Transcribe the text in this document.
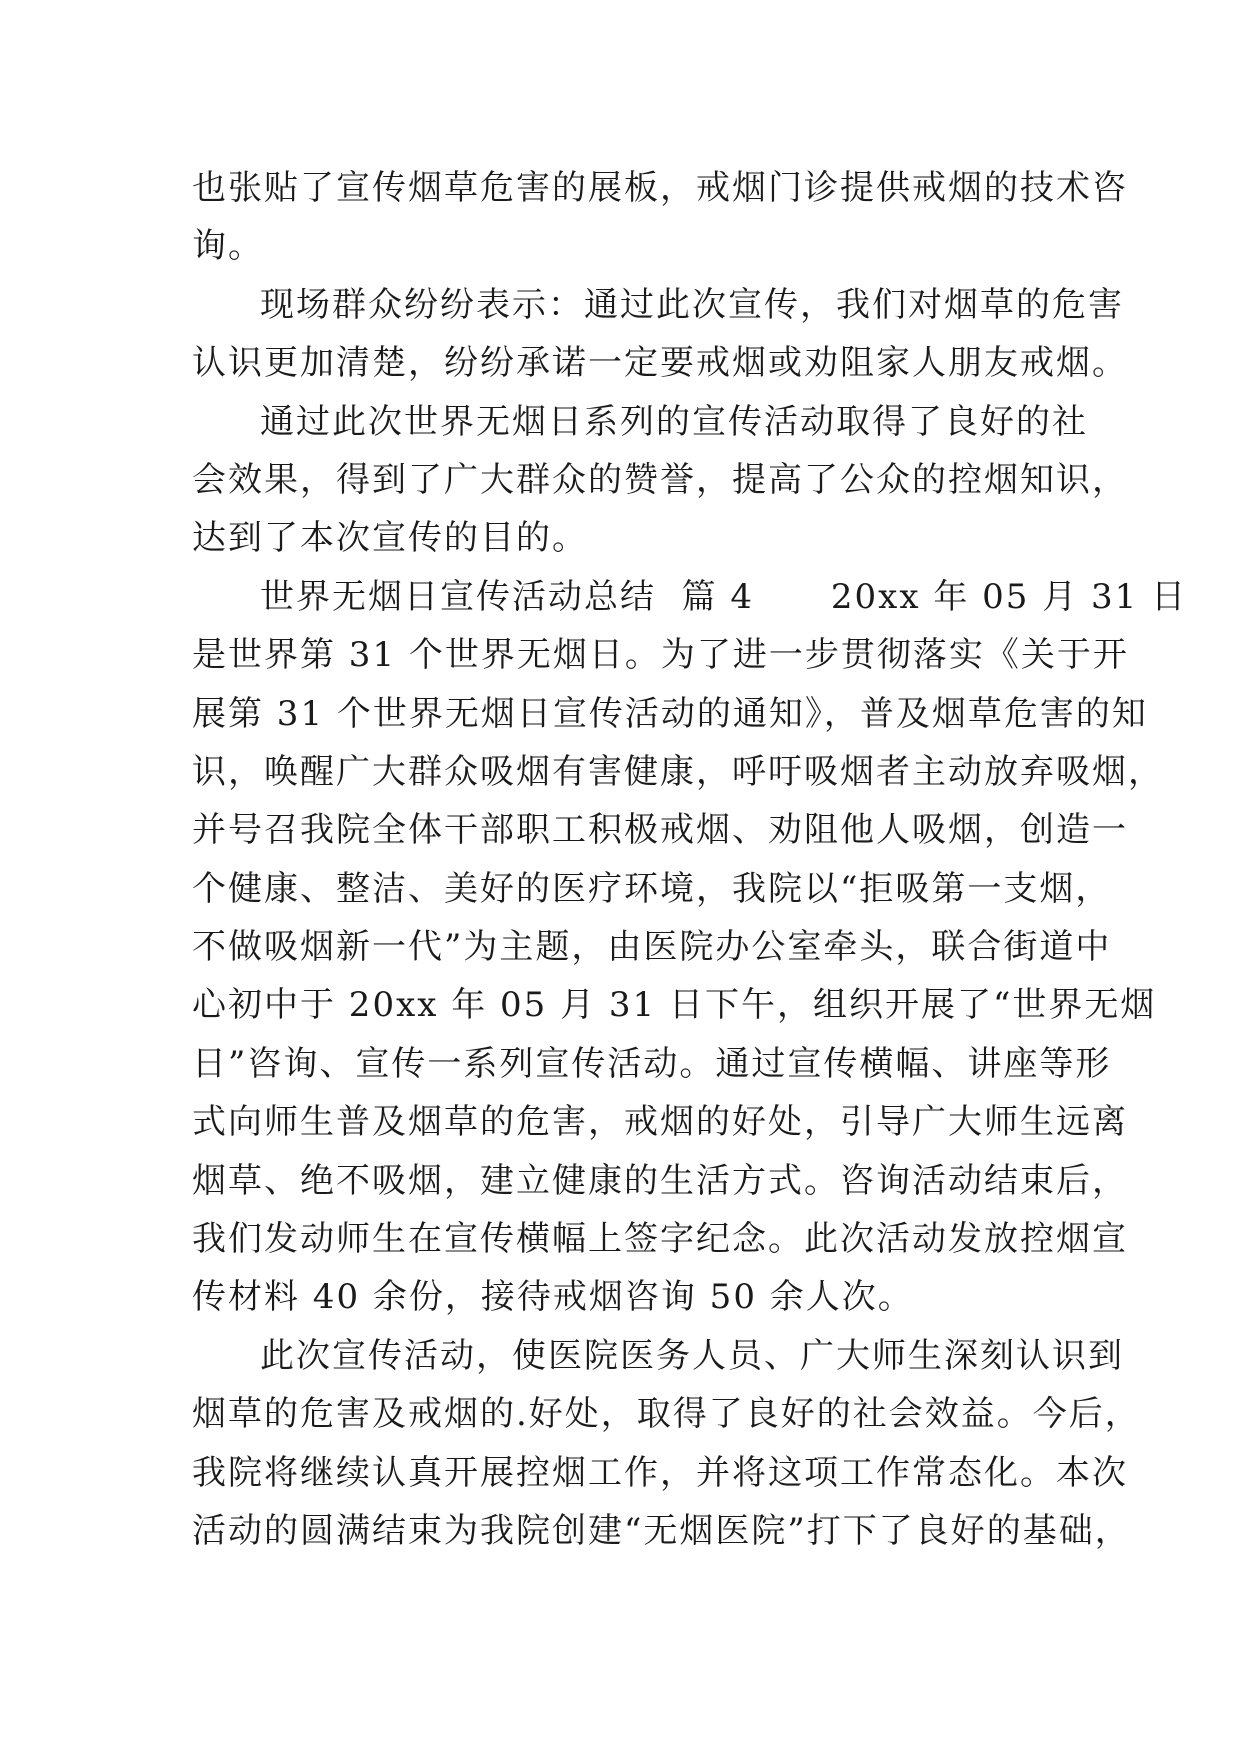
也张贴了宣传烟草危害的展板，戒烟门诊提供戒烟的技术咨
询。
现场群众纷纷表示：通过此次宣传，我们对烟草的危害
认识更加清楚，纷纷承诺一定要戒烟或劝阻家人朋友戒烟。
通过此次世界无烟日系列的宣传活动取得了良好的社
会效果，得到了广大群众的赞誉，提高了公众的控烟知识，
达到了本次宣传的目的。
世界无烟日宣传活动总结  篇 4      20xx 年 05 月 31 日
是世界第 31 个世界无烟日。为了进一步贯彻落实《关于开
展第 31 个世界无烟日宣传活动的通知》，普及烟草危害的知
识，唤醒广大群众吸烟有害健康，呼吁吸烟者主动放弃吸烟，
并号召我院全体干部职工积极戒烟、劝阻他人吸烟，创造一
个健康、整洁、美好的医疗环境，我院以“拒吸第一支烟，
不做吸烟新一代”为主题，由医院办公室牵头，联合街道中
心初中于 20xx 年 05 月 31 日下午，组织开展了“世界无烟
日”咨询、宣传一系列宣传活动。通过宣传横幅、讲座等形
式向师生普及烟草的危害，戒烟的好处，引导广大师生远离
烟草、绝不吸烟，建立健康的生活方式。咨询活动结束后，
我们发动师生在宣传横幅上签字纪念。此次活动发放控烟宣
传材料 40 余份，接待戒烟咨询 50 余人次。
此次宣传活动，使医院医务人员、广大师生深刻认识到
烟草的危害及戒烟的.好处，取得了良好的社会效益。今后，
我院将继续认真开展控烟工作，并将这项工作常态化。本次
活动的圆满结束为我院创建“无烟医院”打下了良好的基础，
